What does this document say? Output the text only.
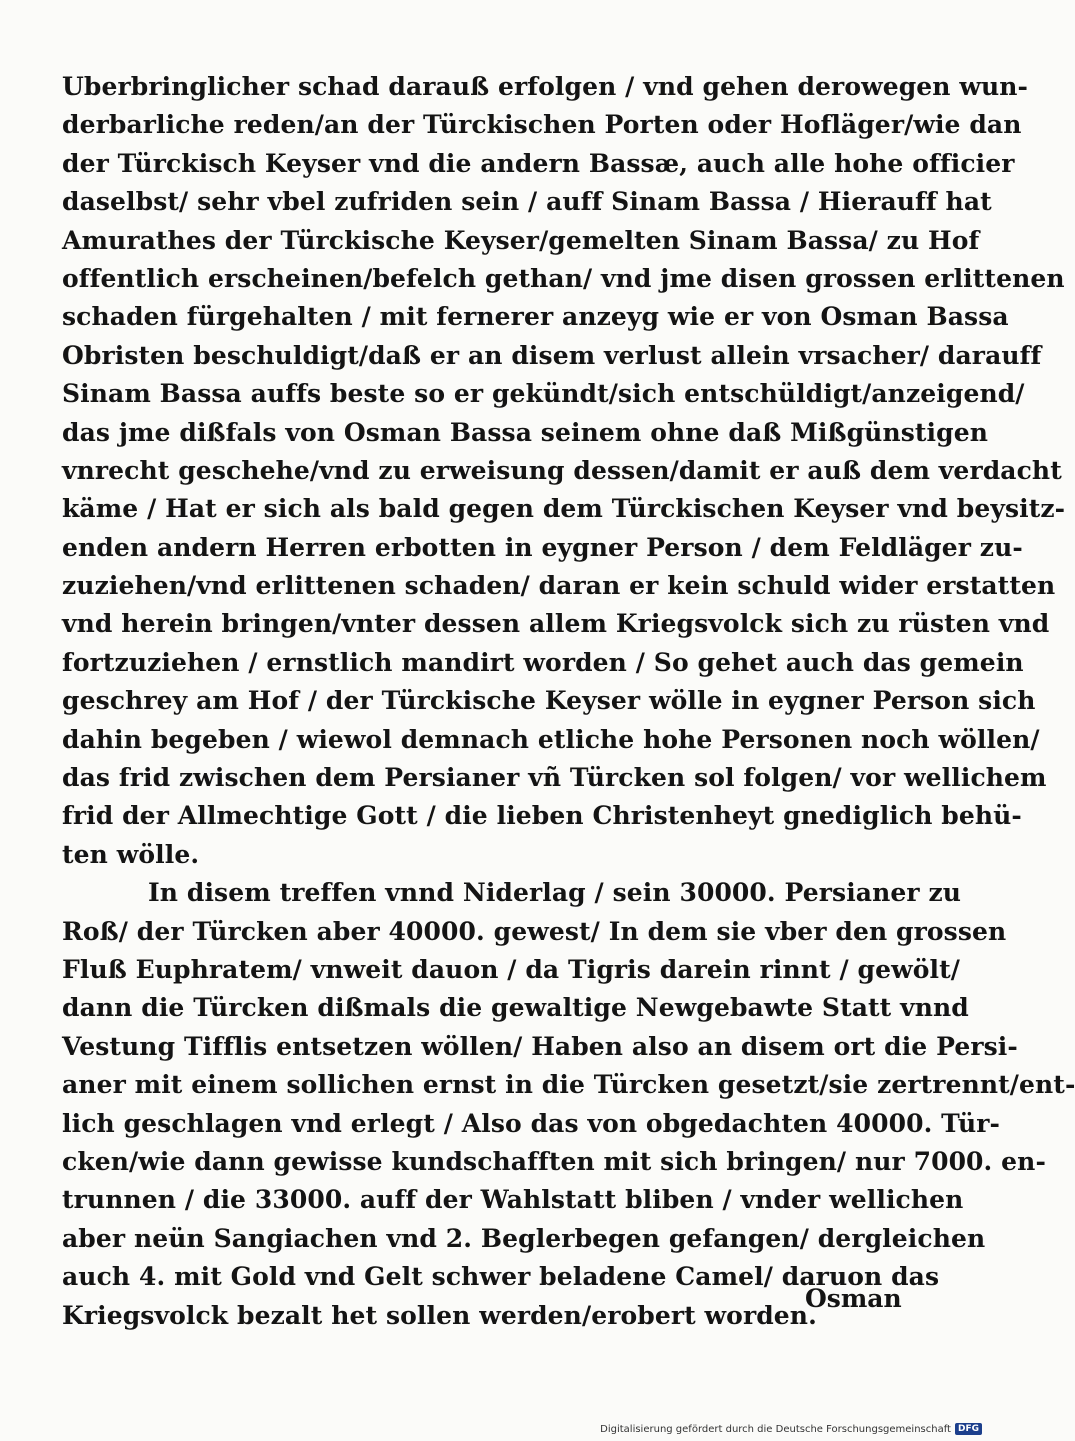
Uberbringlicher schad darauß erfolgen / vnd gehen derowegen wun-
derbarliche reden/an der Türckischen Porten oder Hofläger/wie dan
der Türckisch Keyser vnd die andern Bassæ, auch alle hohe officier
daselbst/ sehr vbel zufriden sein / auff Sinam Bassa / Hierauff hat
Amurathes der Türckische Keyser/gemelten Sinam Bassa/ zu Hof
offentlich erscheinen/befelch gethan/ vnd jme disen grossen erlittenen
schaden fürgehalten / mit fernerer anzeyg wie er von Osman Bassa
Obristen beschuldigt/daß er an disem verlust allein vrsacher/ darauff
Sinam Bassa auffs beste so er gekündt/sich entschüldigt/anzeigend/
das jme dißfals von Osman Bassa seinem ohne daß Mißgünstigen
vnrecht geschehe/vnd zu erweisung dessen/damit er auß dem verdacht
käme / Hat er sich als bald gegen dem Türckischen Keyser vnd beysitz-
enden andern Herren erbotten in eygner Person / dem Feldläger zu-
zuziehen/vnd erlittenen schaden/ daran er kein schuld wider erstatten
vnd herein bringen/vnter dessen allem Kriegsvolck sich zu rüsten vnd
fortzuziehen / ernstlich mandirt worden / So gehet auch das gemein
geschrey am Hof / der Türckische Keyser wölle in eygner Person sich
dahin begeben / wiewol demnach etliche hohe Personen noch wöllen/
das frid zwischen dem Persianer vñ Türcken sol folgen/ vor wellichem
frid der Allmechtige Gott / die lieben Christenheyt gnediglich behü-
ten wölle.
In disem treffen vnnd Niderlag / sein 30000. Persianer zu
Roß/ der Türcken aber 40000. gewest/ In dem sie vber den grossen
Fluß Euphratem/ vnweit dauon / da Tigris darein rinnt / gewölt/
dann die Türcken dißmals die gewaltige Newgebawte Statt vnnd
Vestung Tifflis entsetzen wöllen/ Haben also an disem ort die Persi-
aner mit einem sollichen ernst in die Türcken gesetzt/sie zertrennt/ent-
lich geschlagen vnd erlegt / Also das von obgedachten 40000. Tür-
cken/wie dann gewisse kundschafften mit sich bringen/ nur 7000. en-
trunnen / die 33000. auff der Wahlstatt bliben / vnder wellichen
aber neün Sangiachen vnd 2. Beglerbegen gefangen/ dergleichen
auch 4. mit Gold vnd Gelt schwer beladene Camel/ daruon das
Kriegsvolck bezalt het sollen werden/erobert worden.
Osman
Digitalisierung gefördert durch die Deutsche Forschungsgemeinschaft DFG
